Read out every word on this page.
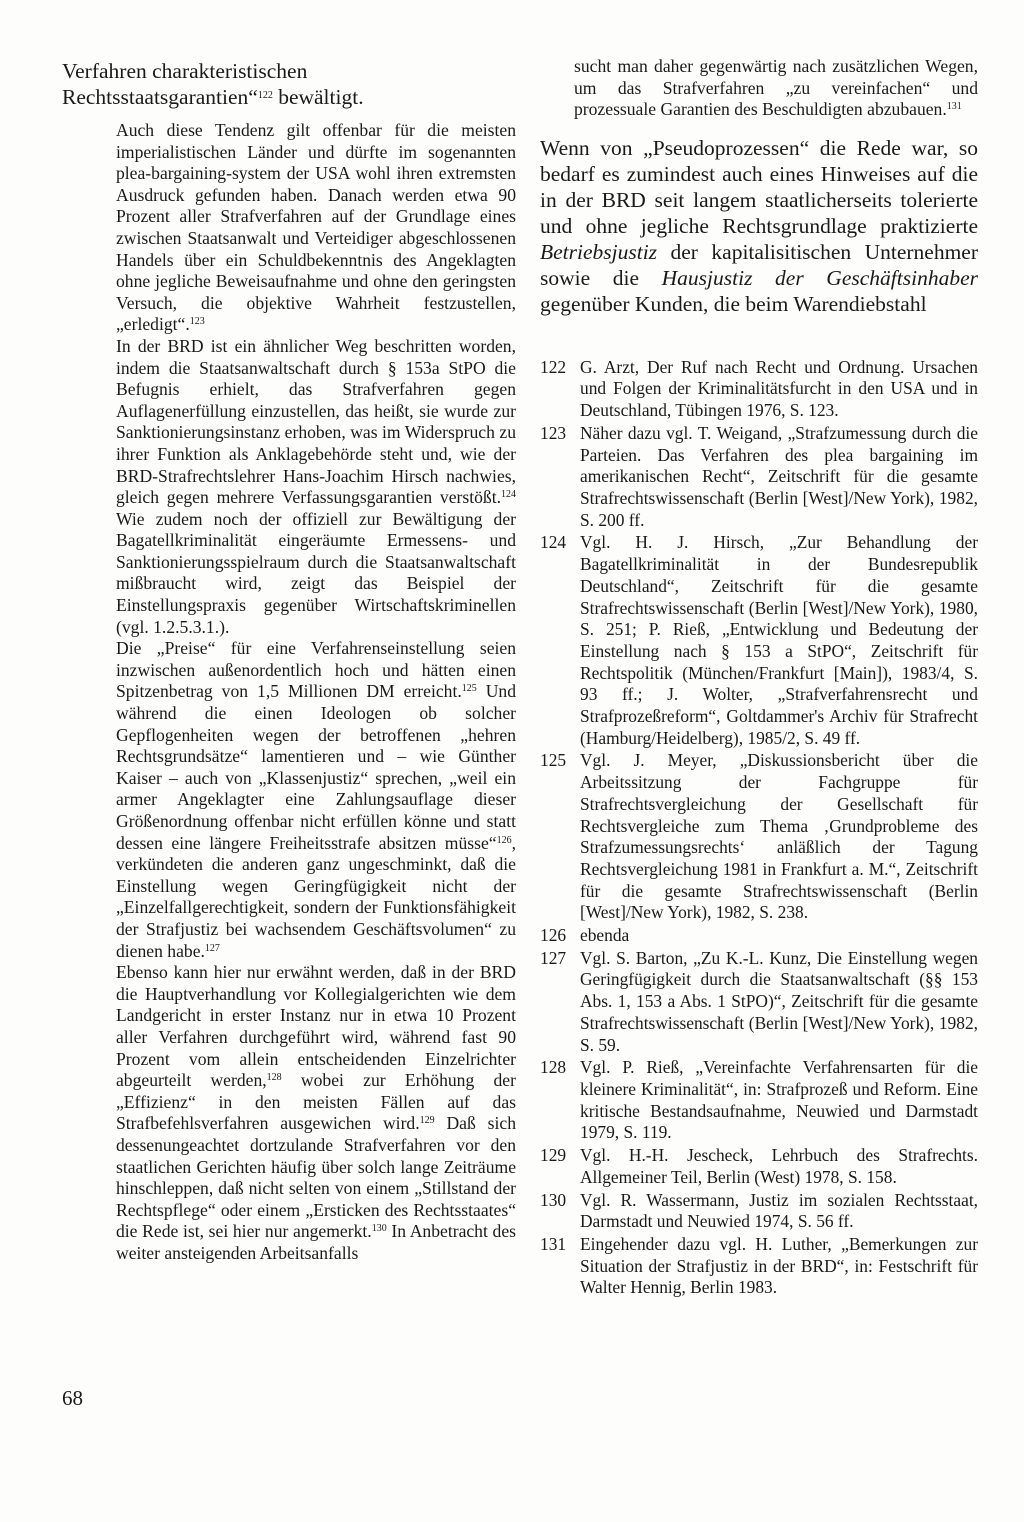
Verfahren charakteristischen Rechtsstaatsgarantien“$^{122}$ bewältigt.

Auch diese Tendenz gilt offenbar für die meisten imperialistischen Länder und dürfte im sogenannten plea-bargaining-system der USA wohl ihren extremsten Ausdruck gefunden haben. Danach werden etwa 90 Prozent aller Strafverfahren auf der Grundlage eines zwischen Staatsanwalt und Verteidiger abgeschlossenen Handels über ein Schuldbekenntnis des Angeklagten ohne jegliche Beweisaufnahme und ohne den geringsten Versuch, die objektive Wahrheit festzustellen, „erledigt“.$^{123}$

In der BRD ist ein ähnlicher Weg beschritten worden, indem die Staatsanwaltschaft durch § 153a StPO die Befugnis erhielt, das Strafverfahren gegen Auflagenerfüllung einzustellen, das heißt, sie wurde zur Sanktionierungsinstanz erhoben, was im Widerspruch zu ihrer Funktion als Anklagebehörde steht und, wie der BRD-Strafrechtslehrer Hans-Joachim Hirsch nachwies, gleich gegen mehrere Verfassungsgarantien verstößt.$^{124}$ Wie zudem noch der offiziell zur Bewältigung der Bagatellkriminalität eingeräumte Ermessens- und Sanktionierungsspielraum durch die Staatsanwaltschaft mißbraucht wird, zeigt das Beispiel der Einstellungspraxis gegenüber Wirtschaftskriminellen (vgl. 1.2.5.3.1.).

Die „Preise“ für eine Verfahrenseinstellung seien inzwischen außenordentlich hoch und hätten einen Spitzenbetrag von 1,5 Millionen DM erreicht.$^{125}$ Und während die einen Ideologen ob solcher Gepflogenheiten wegen der betroffenen „hehren Rechtsgrundsätze“ lamentieren und – wie Günther Kaiser – auch von „Klassenjustiz“ sprechen, „weil ein armer Angeklagter eine Zahlungsauflage dieser Größenordnung offenbar nicht erfüllen könne und statt dessen eine längere Freiheitsstrafe absitzen müsse“$^{126}$, verkündeten die anderen ganz ungeschminkt, daß die Einstellung wegen Geringfügigkeit nicht der „Einzelfallgerechtigkeit, sondern der Funktionsfähigkeit der Strafjustiz bei wachsendem Geschäftsvolumen“ zu dienen habe.$^{127}$

Ebenso kann hier nur erwähnt werden, daß in der BRD die Hauptverhandlung vor Kollegialgerichten wie dem Landgericht in erster Instanz nur in etwa 10 Prozent aller Verfahren durchgeführt wird, während fast 90 Prozent vom allein entscheidenden Einzelrichter abgeurteilt werden,$^{128}$ wobei zur Erhöhung der „Effizienz“ in den meisten Fällen auf das Strafbefehlsverfahren ausgewichen wird.$^{129}$ Daß sich dessenungeachtet dortzulande Strafverfahren vor den staatlichen Gerichten häufig über solch lange Zeiträume hinschleppen, daß nicht selten von einem „Stillstand der Rechtspflege“ oder einem „Ersticken des Rechtsstaates“ die Rede ist, sei hier nur angemerkt.$^{130}$ In Anbetracht des weiter ansteigenden Arbeitsanfalls

sucht man daher gegenwärtig nach zusätzlichen Wegen, um das Strafverfahren „zu vereinfachen“ und prozessuale Garantien des Beschuldigten abzubauen.$^{131}$

Wenn von „Pseudoprozessen“ die Rede war, so bedarf es zumindest auch eines Hinweises auf die in der BRD seit langem staatlicherseits tolerierte und ohne jegliche Rechtsgrundlage praktizierte Betriebsjustiz der kapitalisitischen Unternehmer sowie die Hausjustiz der Geschäftsinhaber gegenüber Kunden, die beim Warendiebstahl

122 G. Arzt, Der Ruf nach Recht und Ordnung. Ursachen und Folgen der Kriminalitätsfurcht in den USA und in Deutschland, Tübingen 1976, S. 123.
123 Näher dazu vgl. T. Weigand, „Strafzumessung durch die Parteien. Das Verfahren des plea bargaining im amerikanischen Recht“, Zeitschrift für die gesamte Strafrechtswissenschaft (Berlin [West]/New York), 1982, S. 200 ff.
124 Vgl. H. J. Hirsch, „Zur Behandlung der Bagatellkriminalität in der Bundesrepublik Deutschland“, Zeitschrift für die gesamte Strafrechtswissenschaft (Berlin [West]/New York), 1980, S. 251; P. Rieß, „Entwicklung und Bedeutung der Einstellung nach § 153 a StPO“, Zeitschrift für Rechtspolitik (München/Frankfurt [Main]), 1983/4, S. 93 ff.; J. Wolter, „Strafverfahrensrecht und Strafprozeßreform“, Goltdammer's Archiv für Strafrecht (Hamburg/Heidelberg), 1985/2, S. 49 ff.
125 Vgl. J. Meyer, „Diskussionsbericht über die Arbeitssitzung der Fachgruppe für Strafrechtsvergleichung der Gesellschaft für Rechtsvergleiche zum Thema ‚Grundprobleme des Strafzumessungsrechts‘ anläßlich der Tagung Rechtsvergleichung 1981 in Frankfurt a. M.“, Zeitschrift für die gesamte Strafrechtswissenschaft (Berlin [West]/New York), 1982, S. 238.
126 ebenda
127 Vgl. S. Barton, „Zu K.-L. Kunz, Die Einstellung wegen Geringfügigkeit durch die Staatsanwaltschaft (§§ 153 Abs. 1, 153 a Abs. 1 StPO)“, Zeitschrift für die gesamte Strafrechtswissenschaft (Berlin [West]/New York), 1982, S. 59.
128 Vgl. P. Rieß, „Vereinfachte Verfahrensarten für die kleinere Kriminalität“, in: Strafprozeß und Reform. Eine kritische Bestandsaufnahme, Neuwied und Darmstadt 1979, S. 119.
129 Vgl. H.-H. Jescheck, Lehrbuch des Strafrechts. Allgemeiner Teil, Berlin (West) 1978, S. 158.
130 Vgl. R. Wassermann, Justiz im sozialen Rechtsstaat, Darmstadt und Neuwied 1974, S. 56 ff.
131 Eingehender dazu vgl. H. Luther, „Bemerkungen zur Situation der Strafjustiz in der BRD“, in: Festschrift für Walter Hennig, Berlin 1983.
68
